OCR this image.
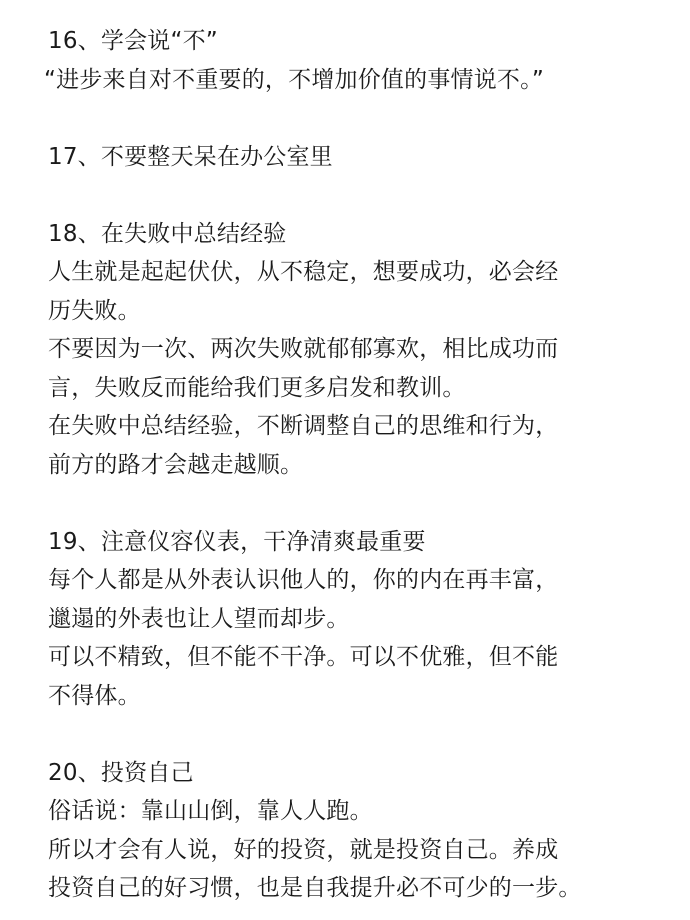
16、学会说“不”
“进步来自对不重要的，不增加价值的事情说不。”
17、不要整天呆在办公室里
18、在失败中总结经验
人生就是起起伏伏，从不稳定，想要成功，必会经
历失败。
不要因为一次、两次失败就郁郁寡欢，相比成功而
言，失败反而能给我们更多启发和教训。
在失败中总结经验，不断调整自己的思维和行为，
前方的路才会越走越顺。
19、注意仪容仪表，干净清爽最重要
每个人都是从外表认识他人的，你的内在再丰富，
邋遢的外表也让人望而却步。
可以不精致，但不能不干净。可以不优雅，但不能
不得体。
20、投资自己
俗话说：靠山山倒，靠人人跑。
所以才会有人说，好的投资，就是投资自己。养成
投资自己的好习惯，也是自我提升必不可少的一步。
